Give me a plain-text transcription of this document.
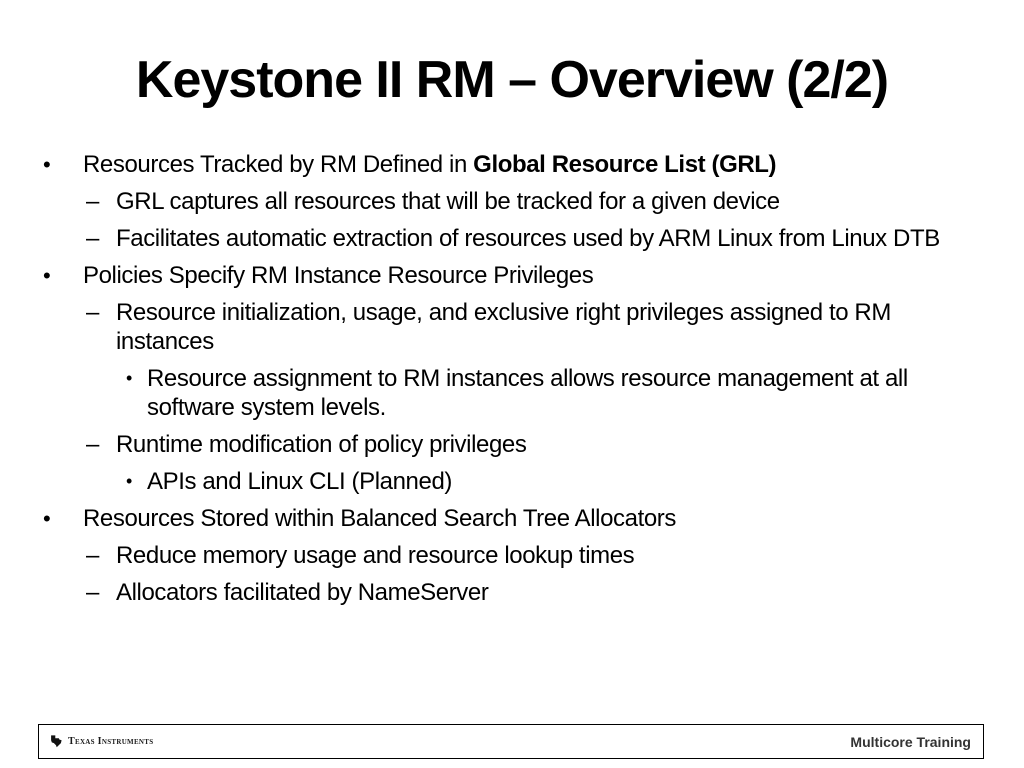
Keystone II RM – Overview (2/2)
• Resources Tracked by RM Defined in Global Resource List (GRL)
– GRL captures all resources that will be tracked for a given device
– Facilitates automatic extraction of resources used by ARM Linux from Linux DTB
• Policies Specify RM Instance Resource Privileges
– Resource initialization, usage, and exclusive right privileges assigned to RM instances
• Resource assignment to RM instances allows resource management at all software system levels.
– Runtime modification of policy privileges
• APIs and Linux CLI (Planned)
• Resources Stored within Balanced Search Tree Allocators
– Reduce memory usage and resource lookup times
– Allocators facilitated by NameServer
Texas Instruments	Multicore Training
